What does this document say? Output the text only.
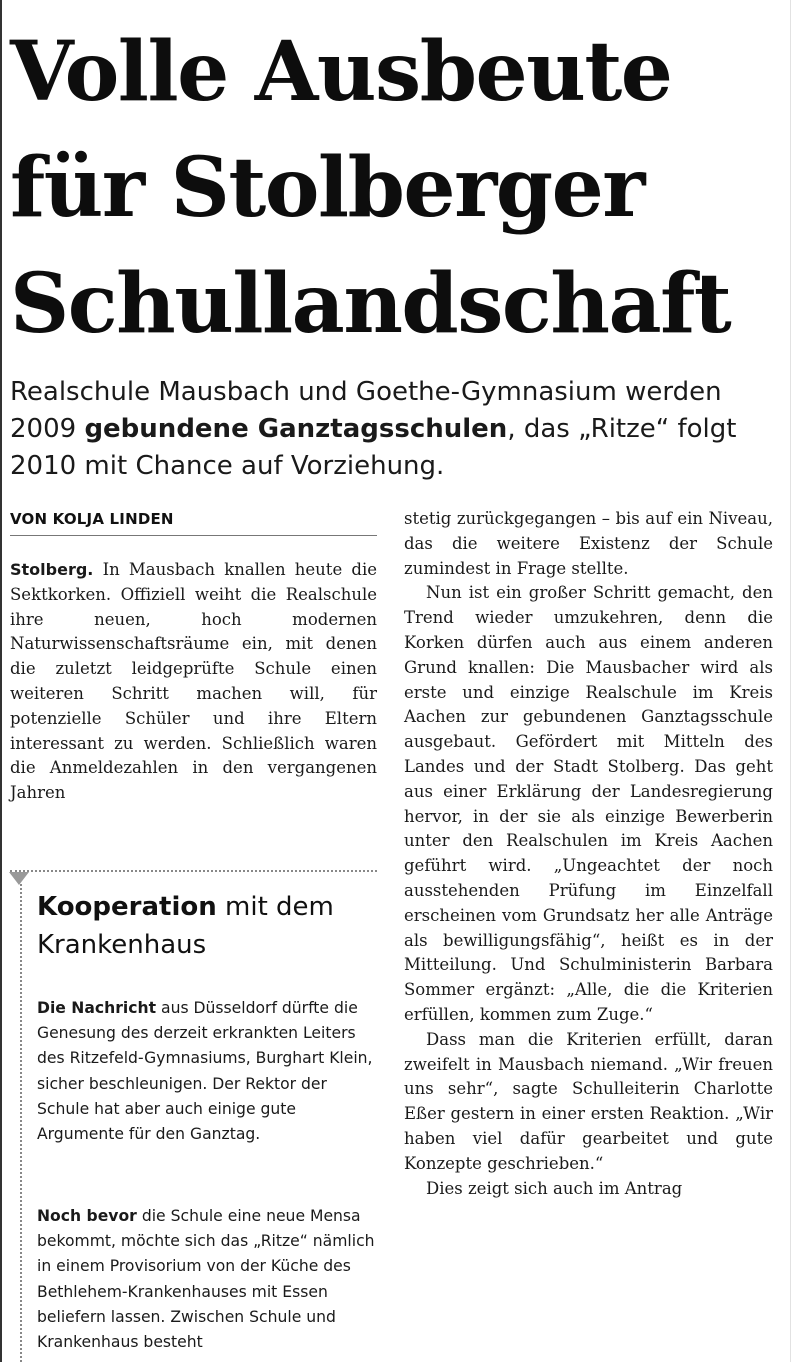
Volle Ausbeute
für Stolberger
Schullandschaft

Realschule Mausbach und Goethe-Gymnasium werden 2009 gebundene Ganztagsschulen, das „Ritze“ folgt 2010 mit Chance auf Vorziehung.

VON KOLJA LINDEN

Stolberg. In Mausbach knallen heute die Sektkorken. Offiziell weiht die Realschule ihre neuen, hoch modernen Naturwissenschaftsräume ein, mit denen die zuletzt leidgeprüfte Schule einen weiteren Schritt machen will, für potenzielle Schüler und ihre Eltern interessant zu werden. Schließlich waren die Anmeldezahlen in den vergangenen Jahren

Kooperation mit dem Krankenhaus

Die Nachricht aus Düsseldorf dürfte die Genesung des derzeit erkrankten Leiters des Ritzefeld-Gymnasiums, Burghart Klein, sicher beschleunigen. Der Rektor der Schule hat aber auch einige gute Argumente für den Ganztag.

Noch bevor die Schule eine neue Mensa bekommt, möchte sich das „Ritze“ nämlich in einem Provisorium von der Küche des Bethlehem-Krankenhauses mit Essen beliefern lassen. Zwischen Schule und Krankenhaus besteht

stetig zurückgegangen – bis auf ein Niveau, das die weitere Existenz der Schule zumindest in Frage stellte.

Nun ist ein großer Schritt gemacht, den Trend wieder umzukehren, denn die Korken dürfen auch aus einem anderen Grund knallen: Die Mausbacher wird als erste und einzige Realschule im Kreis Aachen zur gebundenen Ganztagsschule ausgebaut. Gefördert mit Mitteln des Landes und der Stadt Stolberg. Das geht aus einer Erklärung der Landesregierung hervor, in der sie als einzige Bewerberin unter den Realschulen im Kreis Aachen geführt wird. „Ungeachtet der noch ausstehenden Prüfung im Einzelfall erscheinen vom Grundsatz her alle Anträge als bewilligungsfähig“, heißt es in der Mitteilung. Und Schulministerin Barbara Sommer ergänzt: „Alle, die die Kriterien erfüllen, kommen zum Zuge.“

Dass man die Kriterien erfüllt, daran zweifelt in Mausbach niemand. „Wir freuen uns sehr“, sagte Schulleiterin Charlotte Eßer gestern in einer ersten Reaktion. „Wir haben viel dafür gearbeitet und gute Konzepte geschrieben.“

Dies zeigt sich auch im Antrag
